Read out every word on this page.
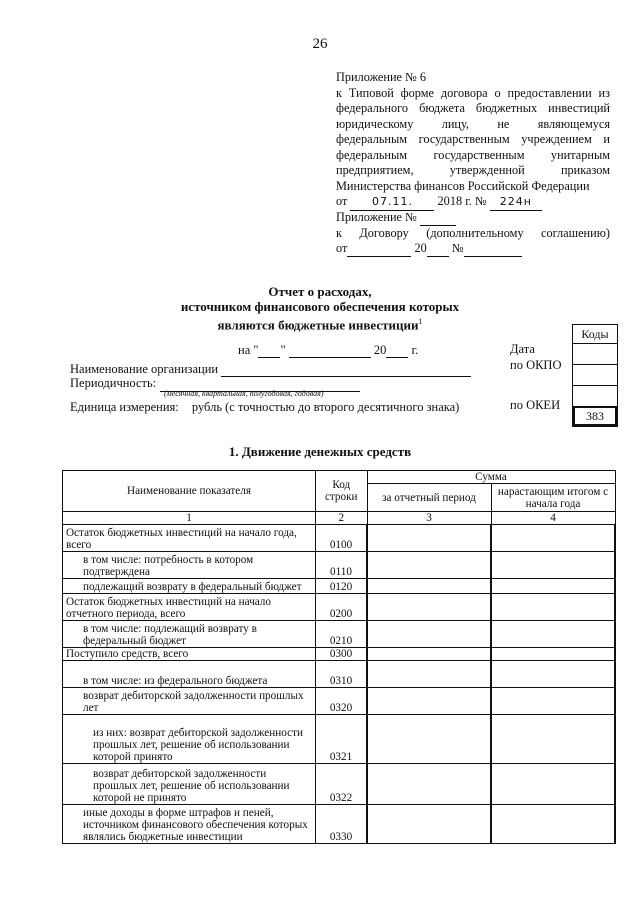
26
Приложение № 6
к Типовой форме договора о предоставлении из
федерального бюджета бюджетных инвестиций
юридическому лицу, не являющемуся
федеральным государственным учреждением и
федеральным государственным унитарным
предприятием, утвержденной приказом
Министерства финансов Российской Федерации
от 07.11. 2018 г. № 224н
Приложение №
к Договору (дополнительному соглашению)
от	20 №
Отчет о расходах,
источником финансового обеспечения которых
являются бюджетные инвестиции$^1$
Коды
383
Дата
по ОКПО
по ОКЕИ
на " "	20 г.
Наименование организации
Периодичность:
(месячная, квартальная, полугодовая, годовая)
Единица измерения: рубль (с точностью до второго десятичного знака)
1. Движение денежных средств
Наименование показателя	Код строки	Сумма	
		за отчетный период	нарастающим итогом с начала года
1	2	3	4
Остаток бюджетных инвестиций на начало года, всего	0100		
в том числе: потребность в котором подтверждена	0110		
подлежащий возврату в федеральный бюджет	0120		
Остаток бюджетных инвестиций на начало отчетного периода, всего	0200		
в том числе: подлежащий возврату в федеральный бюджет	0210		
Поступило средств, всего	0300		
в том числе: из федерального бюджета	0310		
возврат дебиторской задолженности прошлых лет	0320		
из них: возврат дебиторской задолженности прошлых лет, решение об использовании которой принято	0321		
возврат дебиторской задолженности прошлых лет, решение об использовании которой не принято	0322		
иные доходы в форме штрафов и пеней, источником финансового обеспечения которых являлись бюджетные инвестиции	0330		
